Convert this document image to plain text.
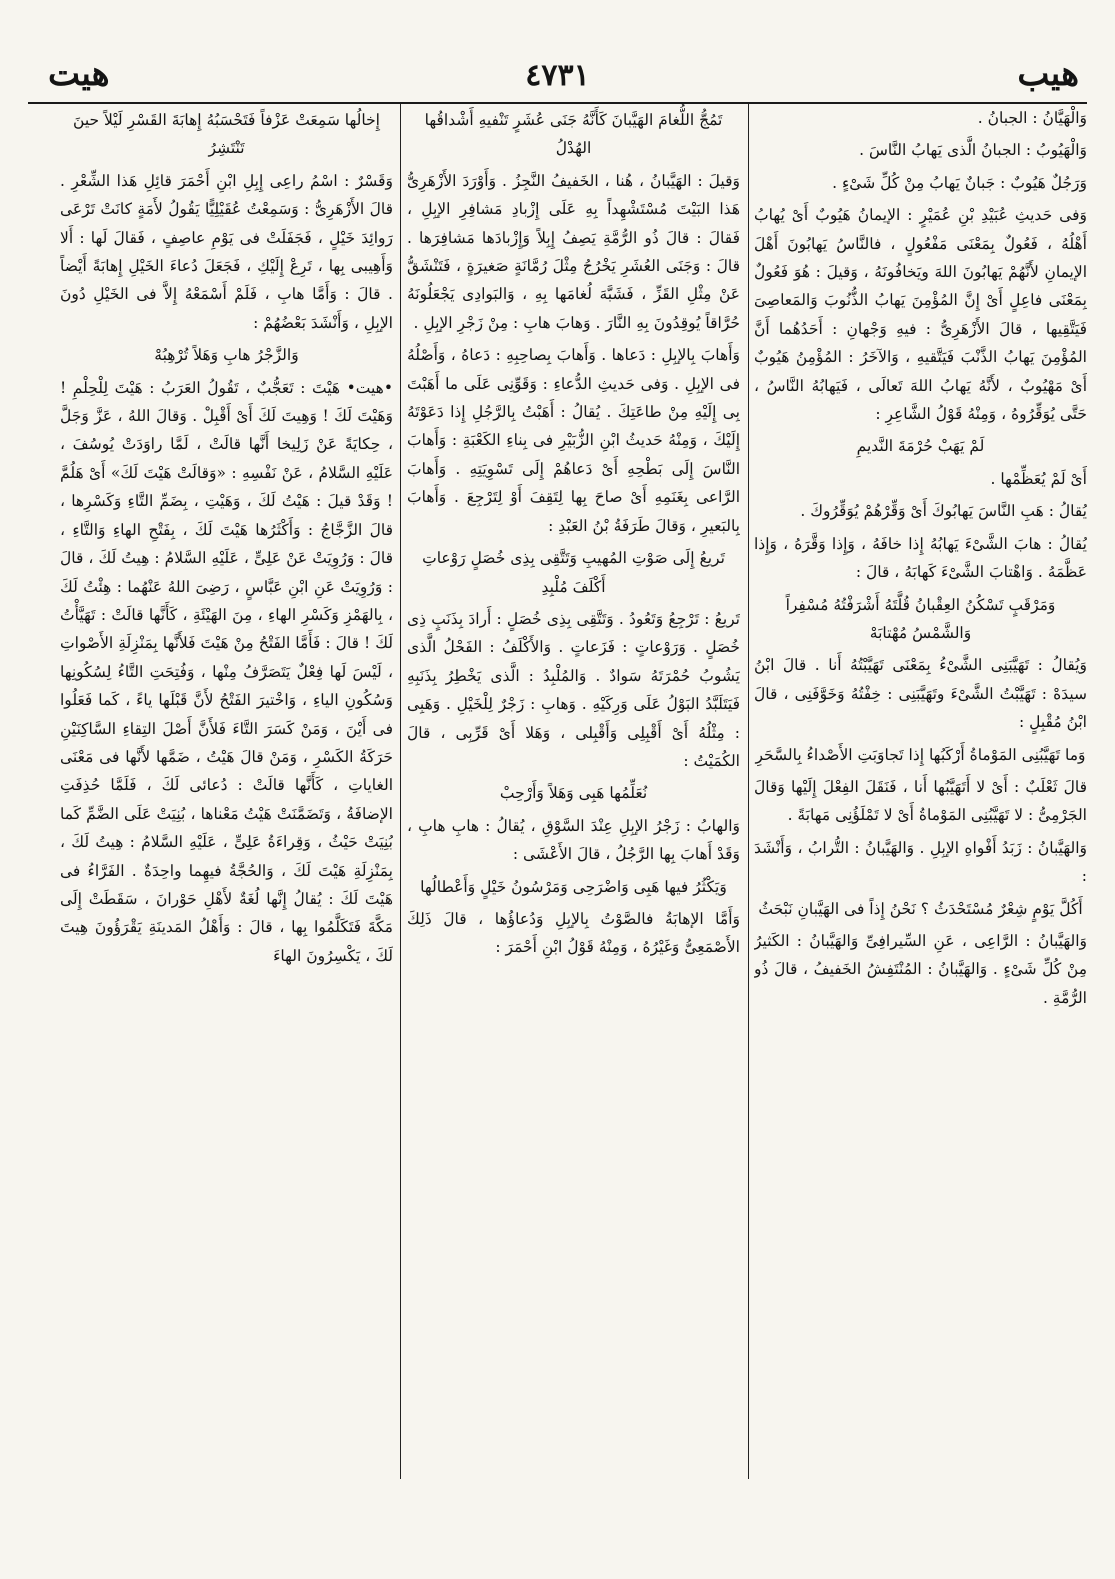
هيب
٤٧٣١
هيت

وَالْهَيَّانُ : الجبانُ .

وَالْهَيُوبُ : الجبانُ الَّذى يَهابُ النَّاسَ .

وَرَجُلٌ هَيُوبٌ : جَبانٌ يَهابُ مِنْ كُلِّ شَىْءٍ .

وَفى حَديثِ عُبَيْدِ بْنِ عُمَيْرٍ : الإيمانُ هَيُوبٌ أَىْ يُهابُ أَهْلُهُ ، فَعُولٌ بِمَعْنَى مَفْعُولٍ ، فالنَّاسُ يَهابُونَ أَهْلَ الإيمانِ لأَنَّهُمْ يَهابُونَ اللهَ ويَخافُونَهُ ، وَقيلَ : هُوَ فَعُولٌ بِمَعْنَى فاعِلٍ أَىْ إِنَّ المُؤْمِنَ يَهابُ الذُّنُوبَ وَالمَعاصِىَ فَيَتَّقِيها ، قالَ الأَزْهَرِىُّ : فيهِ وَجْهانِ : أَحَدُهُما أَنَّ المُؤْمِنَ يَهابُ الذَّنْبَ فَيَتَّقيهِ ، وَالآخَرُ : المُؤْمِنُ هَيُوبٌ أَىْ مَهْيُوبٌ ، لأَنَّهُ يَهابُ اللهَ تَعالَى ، فَيَهابُهُ النَّاسُ ، حَتَّى يُوَقِّرُوهُ ، وَمِنْهُ قَوْلُ الشَّاعِرِ :

لَمْ يَهَبْ حُرْمَةَ النَّديمِ

أَىْ لَمْ يُعَظِّمْها .

يُقالُ : هَبِ النَّاسَ يَهابُوكَ أَىْ وَقِّرْهُمْ يُوَقِّرُوكَ .

يُقالُ : هابَ الشَّىْءَ يَهابُهُ إِذا خافَهُ ، وَإِذا وَقَّرَهُ ، وَإِذا عَظَّمَهُ . وَاهْتابَ الشَّىْءَ كَهابَهُ ، قالَ :

وَمَرْقَبٍ تَسْكُنُ العِقْبانُ قُلَّتَهُ أَشْرَفْتُهُ مُسْفِراً وَالشَّمْسُ مُهْتابَهْ

وَيُقالُ : تَهَيَّبَنِى الشَّىْءُ بِمَعْنَى تَهَيَّبْتُهُ أَنا . قالَ ابْنُ سيدَهْ : تَهَيَّبْتُ الشَّىْءَ وتَهَيَّبَنِى : خِفْتُهُ وَخَوَّفَنِى ، قالَ ابْنُ مُقْبِلٍ :

وَما تَهَيَّبُنِى المَوْماةُ أَرْكَبُها إِذا تَجاوَبَتِ الأَصْداءُ بِالسَّحَرِ

قالَ ثَعْلَبٌ : أَىْ لا أَتَهَيَّبُها أَنا ، فَنَقَلَ الفِعْلَ إِلَيْها وَقالَ الجَرْمِىُّ : لا تَهَيَّبُنِى المَوْماةُ أَىْ لا تَمْلَؤُنِى مَهابَةً .

وَالهَيَّبانُ : زَبَدُ أَفْواهِ الإبِلِ . وَالهَيَّبانُ : التُّرابُ ، وَأَنْشَدَ :

أَكُلَّ يَوْمٍ شِعْرٌ مُسْتَحْدَثُ ؟ نَحْنُ إِذاً فى الهَيَّبانِ نَبْحَثُ

وَالهَيَّبانُ : الرَّاعِى ، عَنِ السِّيرافِىِّ وَالهَيَّبانُ : الكَثيرُ مِنْ كُلِّ شَىْءٍ . وَالهَيَّبانُ : المُنْتَفِشُ الخَفيفُ ، قالَ ذُو الرُّمَّةِ .

تَمُجُّ اللُّغامَ الهَيَّبانَ كَأَنَّهُ جَنَى عُشَرٍ تَنْفيهِ أَشْداقُها الهُدْلُ

وَقيلَ : الهَيَّبانُ ، هُنا ، الخَفيفُ النَّجِزُ . وَأَوْرَدَ الأَزْهَرِىُّ هَذا البَيْتَ مُسْتَشْهِداً بِهِ عَلَى إِزْبادِ مَشافِرِ الإبِلِ ، فَقالَ : قالَ ذُو الرُّمَّةِ يَصِفُ إِبِلاً وَإِزْبادَها مَشافِرَها . قالَ : وَجَنَى العُشَرِ يَخْرُجُ مِثْلَ رُمَّانَةٍ صَغيرَةٍ ، فَتَنْشَقُّ عَنْ مِثْلِ القَزِّ ، فَشَبَّهَ لُغامَها بِهِ ، وَالبَوادِى يَجْعَلُونَهُ حُرَّاقاً يُوقِدُونَ بِهِ النَّارَ . وَهابَ هابِ : مِنْ زَجْرِ الإبِلِ .

وَأَهابَ بِالإبِلِ : دَعاها . وَأَهابَ بِصاحِبِهِ : دَعاهُ ، وَأَصْلُهُ فى الإبِلِ . وَفى حَديثِ الدُّعاءِ : وَقَوِّنِى عَلَى ما أَهَبْتَ بِى إِلَيْهِ مِنْ طاعَتِكَ . يُقالُ : أَهَبْتُ بِالرَّجُلِ إِذا دَعَوْتَهُ إِلَيْكَ ، وَمِنْهُ حَديثُ ابْنِ الزُّبَيْرِ فى بِناءِ الكَعْبَةِ : وَأَهابَ النَّاسَ إِلَى بَطْحِهِ أَىْ دَعاهُمْ إِلَى تَسْوِيَتِهِ . وَأَهابَ الرَّاعى بِغَنَمِهِ أَىْ صاحَ بِها لِتَقِفَ أَوْ لِتَرْجِعَ . وَأَهابَ بِالبَعيرِ ، وَقالَ طَرَفَةُ بْنُ العَبْدِ :

تَريعُ إِلَى صَوْتِ المُهيبِ وَتَتَّقِى بِذِى خُصَلٍ رَوْعاتِ أَكْلَفَ مُلْبِدِ

تَريعُ : تَرْجِعُ وَتَعُودُ . وَتَتَّقِى بِذِى خُصَلٍ : أَرادَ بِذَنَبٍ ذِى خُصَلٍ . وَرَوْعاتٍ : فَزَعاتٍ . وَالأَكْلَفُ : الفَحْلُ الَّذى يَشُوبُ حُمْرَتَهُ سَوادٌ . وَالمُلْبِدُ : الَّذى يَخْطِرُ بِذَنَبِهِ فَيَتَلَبَّدُ البَوْلُ عَلَى وَرِكَيْهِ . وَهابِ : زَجْرٌ لِلْخَيْلِ . وَهَبِى : مِثْلُهُ أَىْ أَقْبِلِى وَأَقْبِلى ، وَهَلا أَىْ قَرِّبِى ، قالَ الكُمَيْتُ :

نُعَلِّمُها هَبِى وَهَلاً وَأَرْحِبْ

وَالهابُ : زَجْرُ الإبِلِ عِنْدَ السَّوْقِ ، يُقالُ : هابِ هابِ ، وَقَدْ أَهابَ بِها الرَّجُلُ ، قالَ الأَعْشَى :

وَيَكْثُرُ فيها هَبِى وَاضْرَحِى وَمَرْسُونُ خَيْلٍ وَأَعْطالُها

وَأَمَّا الإهابَةُ فالصَّوْتُ بِالإبِلِ وَدُعاؤُها ، قالَ ذَلِكَ الأَصْمَعِىُّ وَغَيْرُهُ ، وَمِنْهُ قَوْلُ ابْنِ أَحْمَرَ :

إِخالُها سَمِعَتْ عَزْفاً فَتَحْسَبُهُ إِهابَةَ القَسْرِ لَيْلاً حينَ تَنْتَشِرُ

وَقَسْرٌ : اسْمُ راعِى إِبِلِ ابْنِ أَحْمَرَ قائِلِ هَذا الشِّعْرِ . قالَ الأَزْهَرِىُّ : وَسَمِعْتُ عُقَيْلِيًّا يَقُولُ لأَمَةٍ كانَتْ تَرْعَى رَوائِدَ خَيْلٍ ، فَجَفَلَتْ فى يَوْمِ عاصِفٍ ، فَقالَ لَها : أَلا وَأَهِيبى بِها ، تَرِعْ إِلَيْكِ ، فَجَعَلَ دُعاءَ الخَيْلِ إِهابَةً أَيْضاً . قالَ : وَأَمَّا هابِ ، فَلَمْ أَسْمَعْهُ إِلاَّ فى الخَيْلِ دُونَ الإبِلِ ، وَأَنْشَدَ بَعْضُهُمْ :

وَالزَّجْرُ هابِ وَهَلاً تُرْهِبُهْ

•هيت• هَيْتَ : تَعَجُّبٌ ، تَقُولُ العَرَبُ : هَيْتَ لِلْحِلْمِ ! وَهَيْتَ لَكَ ! وَهِيتَ لَكَ أَىْ أَقْبِلْ . وَقالَ اللهُ ، عَزَّ وَجَلَّ ، حِكايَةً عَنْ زَلِيخا أَنَّها قالَتْ ، لَمَّا راوَدَتْ يُوسُفَ ، عَلَيْهِ السَّلامُ ، عَنْ نَفْسِهِ : «وَقالَتْ هَيْتَ لَكَ» أَىْ هَلُمَّ ! وَقَدْ قيلَ : هَيْتُ لَكَ ، وَهَيْتِ ، بِضَمِّ التَّاءِ وَكَسْرِها ، قالَ الزَّجَّاجُ : وَأَكْثَرُها هَيْتَ لَكَ ، بِفَتْحِ الهاءِ وَالتَّاءِ ، قالَ : وَرُوِيَتْ عَنْ عَلِىٍّ ، عَلَيْهِ السَّلامُ : هِيتُ لَكَ ، قالَ : وَرُوِيَتْ عَنِ ابْنِ عَبَّاسٍ ، رَضِىَ اللهُ عَنْهُما : هِئْتُ لَكَ ، بِالهَمْزِ وَكَسْرِ الهاءِ ، مِنَ الهَيْئَةِ ، كَأَنَّها قالَتْ : تَهَيَّأْتُ لَكَ ! قالَ : فَأَمَّا الفَتْحُ مِنْ هَيْتَ فَلأَنَّها بِمَنْزِلَةِ الأَصْواتِ ، لَيْسَ لَها فِعْلٌ يَتَصَرَّفُ مِنْها ، وَفُتِحَتِ التَّاءُ لِسُكُونِها وَسُكُونِ الياءِ ، وَاخْتيرَ الفَتْحُ لأَنَّ قَبْلَها ياءً ، كَما فَعَلُوا فى أَيْنَ ، وَمَنْ كَسَرَ التَّاءَ فَلأَنَّ أَصْلَ التِقاءِ السَّاكِنَيْنِ حَرَكَةُ الكَسْرِ ، وَمَنْ قالَ هَيْتُ ، ضَمَّها لأَنَّها فى مَعْنَى الغاياتِ ، كَأَنَّها قالَتْ : دُعائى لَكَ ، فَلَمَّا حُذِفَتِ الإضافَةُ ، وَتَضَمَّنَتْ هَيْتُ مَعْناها ، بُنِيَتْ عَلَى الضَّمِّ كَما بُنِيَتْ حَيْثُ ، وَقِراءَةُ عَلِىٍّ ، عَلَيْهِ السَّلامُ : هِيتُ لَكَ ، بِمَنْزِلَةِ هَيْتَ لَكَ ، وَالحُجَّةُ فيهِما واحِدَةٌ . الفَرَّاءُ فى هَيْتَ لَكَ : يُقالُ إِنَّها لُغَةٌ لأَهْلِ حَوْرانَ ، سَقَطَتْ إِلَى مَكَّةَ فَتَكَلَّمُوا بِها ، قالَ : وَأَهْلُ المَدينَةِ يَقْرَؤُونَ هِيتَ لَكَ ، يَكْسِرُونَ الهاءَ
